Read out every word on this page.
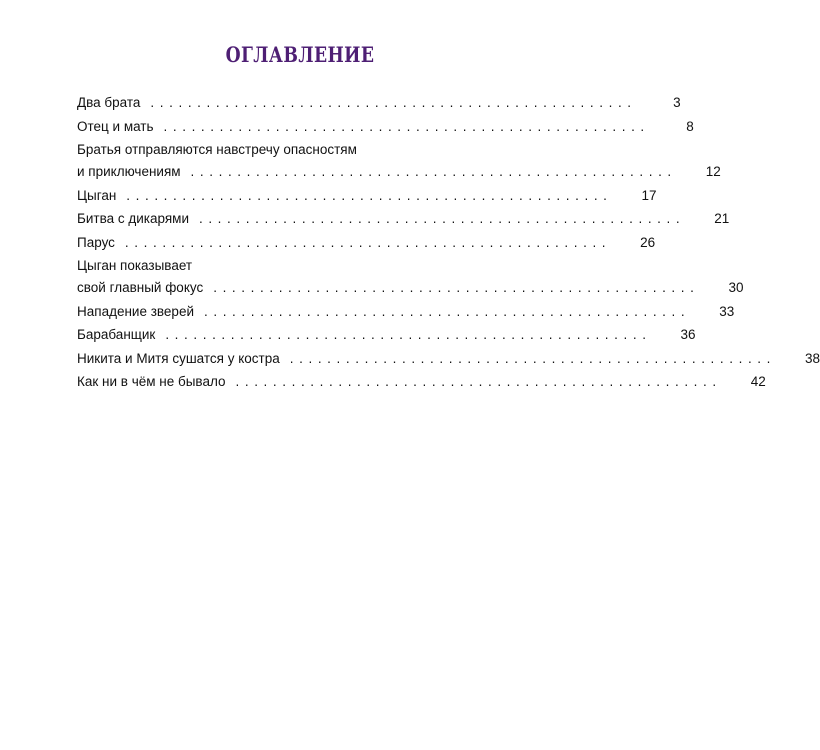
ОГЛАВЛЕНИЕ
Два брата ....................................................	3
Отец и мать ....................................................	8
Братья отправляются навстречу опасностям
и приключениям ....................................................	12
Цыган ....................................................	17
Битва с дикарями ....................................................	21
Парус ....................................................	26
Цыган показывает
свой главный фокус ....................................................	30
Нападение зверей ....................................................	33
Барабанщик ....................................................	36
Никита и Митя сушатся у костра ....................................................	38
Как ни в чём не бывало ....................................................	42
